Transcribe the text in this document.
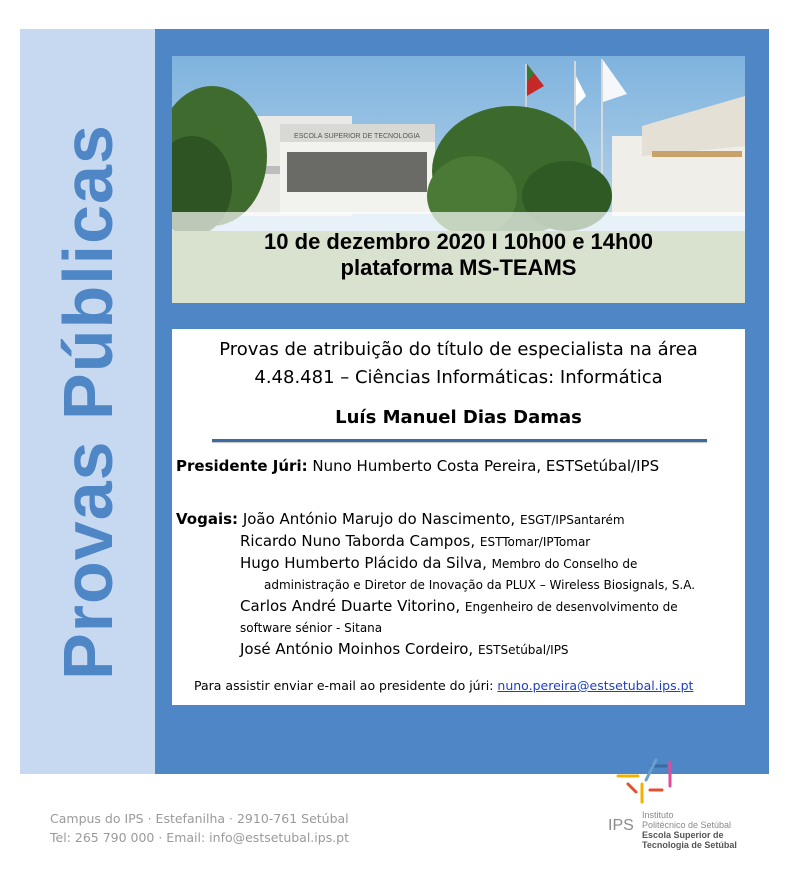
Provas Públicas	ESCOLA SUPERIOR DE TECNOLOGIA
10 de dezembro 2020 I 10h00 e 14h00
plataforma MS-TEAMS
Provas de atribuição do título de especialista na área
4.48.481 – Ciências Informáticas: Informática
Luís Manuel Dias Damas
Presidente Júri: Nuno Humberto Costa Pereira, ESTSetúbal/IPS
Vogais: João António Marujo do Nascimento, ESGT/IPSantarém
Ricardo Nuno Taborda Campos, ESTTomar/IPTomar
Hugo Humberto Plácido da Silva, Membro do Conselho de
administração e Diretor de Inovação da PLUX – Wireless Biosignals, S.A.
Carlos André Duarte Vitorino, Engenheiro de desenvolvimento de
software sénior - Sitana
José António Moinhos Cordeiro, ESTSetúbal/IPS
Para assistir enviar e-mail ao presidente do júri: nuno.pereira@estsetubal.ips.pt
Campus do IPS · Estefanilha · 2910-761 Setúbal
Tel: 265 790 000 · Email: info@estsetubal.ips.pt
IPS
Instituto
Politécnico de Setúbal
Escola Superior de
Tecnologia de Setúbal
